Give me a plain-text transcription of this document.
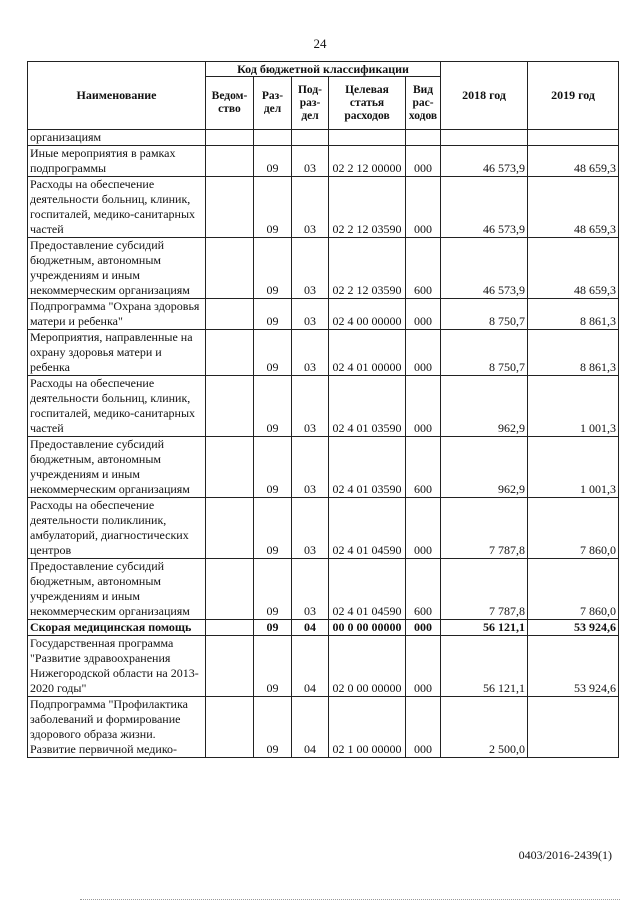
24
Наименование	Код бюджетной классификации					2018 год	2019 год
	Ведом-ство	Раз-дел	Под-раз-дел	Целевая статья расходов	Вид рас-ходов		
организациям							
Иные мероприятия в рамках подпрограммы		09	03	02 2 12 00000	000	46 573,9	48 659,3
Расходы на обеспечение деятельности больниц, клиник, госпиталей, медико-санитарных частей		09	03	02 2 12 03590	000	46 573,9	48 659,3
Предоставление субсидий бюджетным, автономным учреждениям и иным некоммерческим организациям		09	03	02 2 12 03590	600	46 573,9	48 659,3
Подпрограмма "Охрана здоровья матери и ребенка"		09	03	02 4 00 00000	000	8 750,7	8 861,3
Мероприятия, направленные на охрану здоровья матери и ребенка		09	03	02 4 01 00000	000	8 750,7	8 861,3
Расходы на обеспечение деятельности больниц, клиник, госпиталей, медико-санитарных частей		09	03	02 4 01 03590	000	962,9	1 001,3
Предоставление субсидий бюджетным, автономным учреждениям и иным некоммерческим организациям		09	03	02 4 01 03590	600	962,9	1 001,3
Расходы на обеспечение деятельности поликлиник, амбулаторий, диагностических центров		09	03	02 4 01 04590	000	7 787,8	7 860,0
Предоставление субсидий бюджетным, автономным учреждениям и иным некоммерческим организациям		09	03	02 4 01 04590	600	7 787,8	7 860,0
Скорая медицинская помощь		09	04	00 0 00 00000	000	56 121,1	53 924,6
Государственная программа "Развитие здравоохранения Нижегородской области на 2013-2020 годы"		09	04	02 0 00 00000	000	56 121,1	53 924,6
Подпрограмма "Профилактика заболеваний и формирование здорового образа жизни. Развитие первичной медико-		09	04	02 1 00 00000	000	2 500,0	
0403/2016-2439(1)
